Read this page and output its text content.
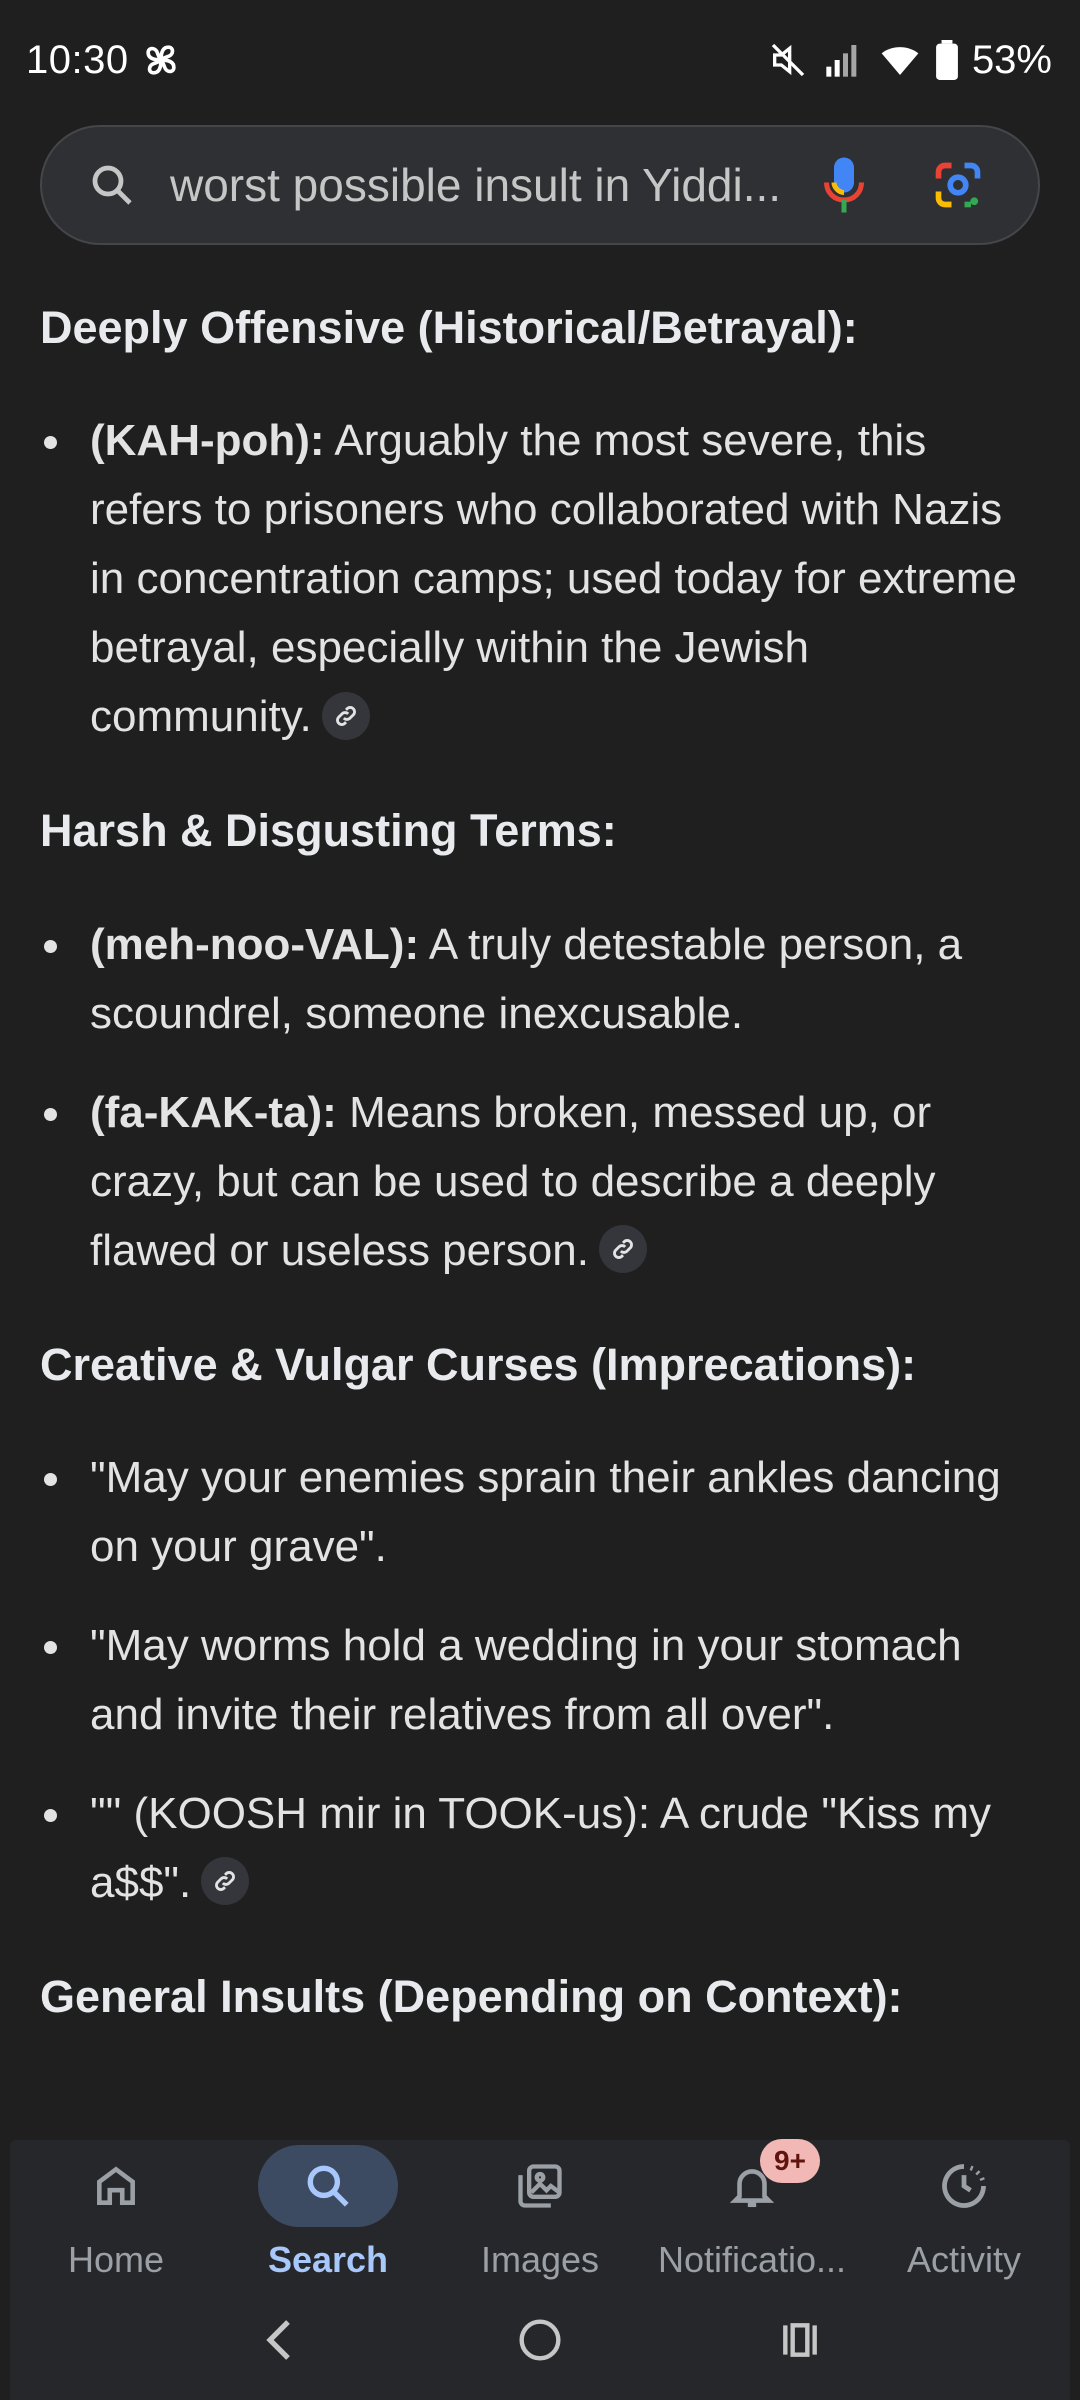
10:30	53%
worst possible insult in Yiddi...
Deeply Offensive (Historical/Betrayal):
(KAH-poh): Arguably the most severe, this refers to prisoners who collaborated with Nazis in concentration camps; used today for extreme betrayal, especially within the Jewish community.
Harsh & Disgusting Terms:
(meh-noo-VAL): A truly detestable person, a scoundrel, someone inexcusable.
(fa-KAK-ta): Means broken, messed up, or crazy, but can be used to describe a deeply flawed or useless person.
Creative & Vulgar Curses (Imprecations):
"May your enemies sprain their ankles dancing on your grave".
"May worms hold a wedding in your stomach and invite their relatives from all over".
"" (KOOSH mir in TOOK-us): A crude "Kiss my a$$".
General Insults (Depending on Context):
Home	Search	Images
9+
Notificatio... Activity
